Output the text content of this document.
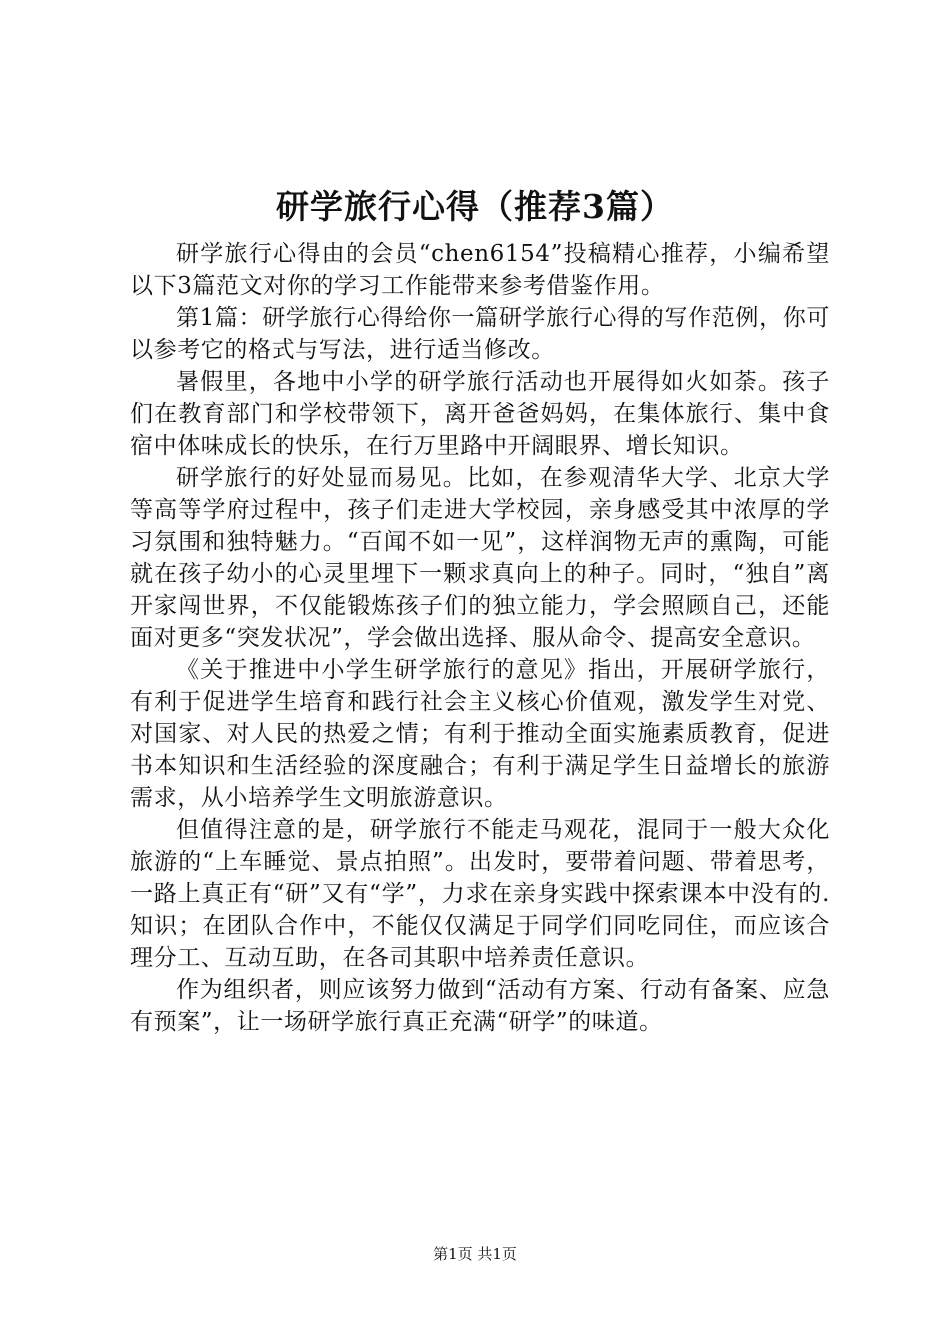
研学旅行心得（推荐3篇）

研学旅行心得由的会员“chen6154”投稿精心推荐，小编希望以下3篇范文对你的学习工作能带来参考借鉴作用。

第1篇：研学旅行心得给你一篇研学旅行心得的写作范例，你可以参考它的格式与写法，进行适当修改。

暑假里，各地中小学的研学旅行活动也开展得如火如荼。孩子们在教育部门和学校带领下，离开爸爸妈妈，在集体旅行、集中食宿中体味成长的快乐，在行万里路中开阔眼界、增长知识。

研学旅行的好处显而易见。比如，在参观清华大学、北京大学等高等学府过程中，孩子们走进大学校园，亲身感受其中浓厚的学习氛围和独特魅力。“百闻不如一见”，这样润物无声的熏陶，可能就在孩子幼小的心灵里埋下一颗求真向上的种子。同时，“独自”离开家闯世界，不仅能锻炼孩子们的独立能力，学会照顾自己，还能面对更多“突发状况”，学会做出选择、服从命令、提高安全意识。

《关于推进中小学生研学旅行的意见》指出，开展研学旅行，有利于促进学生培育和践行社会主义核心价值观，激发学生对党、对国家、对人民的热爱之情；有利于推动全面实施素质教育，促进书本知识和生活经验的深度融合；有利于满足学生日益增长的旅游需求，从小培养学生文明旅游意识。

但值得注意的是，研学旅行不能走马观花，混同于一般大众化旅游的“上车睡觉、景点拍照”。出发时，要带着问题、带着思考，一路上真正有“研”又有“学”，力求在亲身实践中探索课本中没有的.知识；在团队合作中，不能仅仅满足于同学们同吃同住，而应该合理分工、互动互助，在各司其职中培养责任意识。

作为组织者，则应该努力做到“活动有方案、行动有备案、应急有预案”，让一场研学旅行真正充满“研学”的味道。

第1页 共1页
